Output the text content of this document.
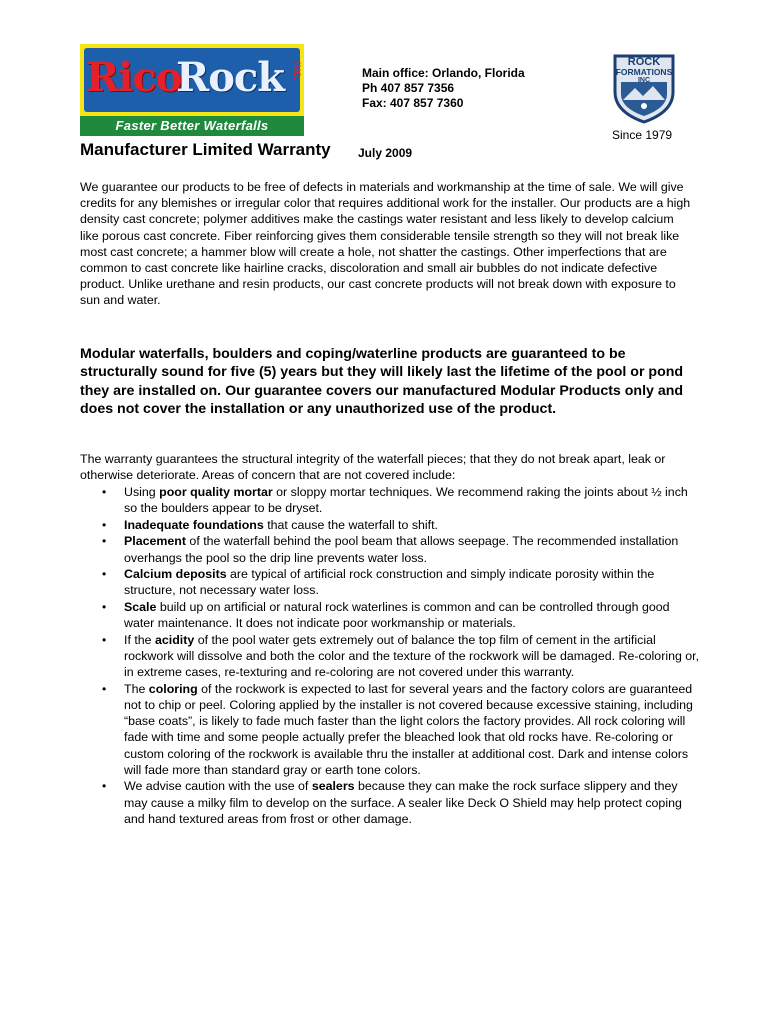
Rico
Rock INC.
Faster Better Waterfalls
Main office: Orlando, Florida
Ph 407 857 7356
Fax: 407 857 7360
ROCK
FORMATIONS
INC
Since 1979
Manufacturer Limited Warranty July 2009
We guarantee our products to be free of defects in materials and workmanship at the time of sale. We will give credits for any blemishes or irregular color that requires additional work for the installer. Our products are a high density cast concrete; polymer additives make the castings water resistant and less likely to develop calcium like porous cast concrete. Fiber reinforcing gives them considerable tensile strength so they will not break like most cast concrete; a hammer blow will create a hole, not shatter the castings. Other imperfections that are common to cast concrete like hairline cracks, discoloration and small air bubbles do not indicate defective product. Unlike urethane and resin products, our cast concrete products will not break down with exposure to sun and water.
Modular waterfalls, boulders and coping/waterline products are guaranteed to be structurally sound for five (5) years but they will likely last the lifetime of the pool or pond they are installed on. Our guarantee covers our manufactured Modular Products only and does not cover the installation or any unauthorized use of the product.
The warranty guarantees the structural integrity of the waterfall pieces; that they do not break apart, leak or otherwise deteriorate. Areas of concern that are not covered include:
• Using poor quality mortar or sloppy mortar techniques. We recommend raking the joints about ½ inch so the boulders appear to be dryset.
• Inadequate foundations that cause the waterfall to shift.
• Placement of the waterfall behind the pool beam that allows seepage. The recommended installation overhangs the pool so the drip line prevents water loss.
• Calcium deposits are typical of artificial rock construction and simply indicate porosity within the structure, not necessary water loss.
• Scale build up on artificial or natural rock waterlines is common and can be controlled through good water maintenance. It does not indicate poor workmanship or materials.
• If the acidity of the pool water gets extremely out of balance the top film of cement in the artificial rockwork will dissolve and both the color and the texture of the rockwork will be damaged. Re-coloring or, in extreme cases, re-texturing and re-coloring are not covered under this warranty.
• The coloring of the rockwork is expected to last for several years and the factory colors are guaranteed not to chip or peel. Coloring applied by the installer is not covered because excessive staining, including “base coats”, is likely to fade much faster than the light colors the factory provides. All rock coloring will fade with time and some people actually prefer the bleached look that old rocks have. Re-coloring or custom coloring of the rockwork is available thru the installer at additional cost. Dark and intense colors will fade more than standard gray or earth tone colors.
• We advise caution with the use of sealers because they can make the rock surface slippery and they may cause a milky film to develop on the surface. A sealer like Deck O Shield may help protect coping and hand textured areas from frost or other damage.
